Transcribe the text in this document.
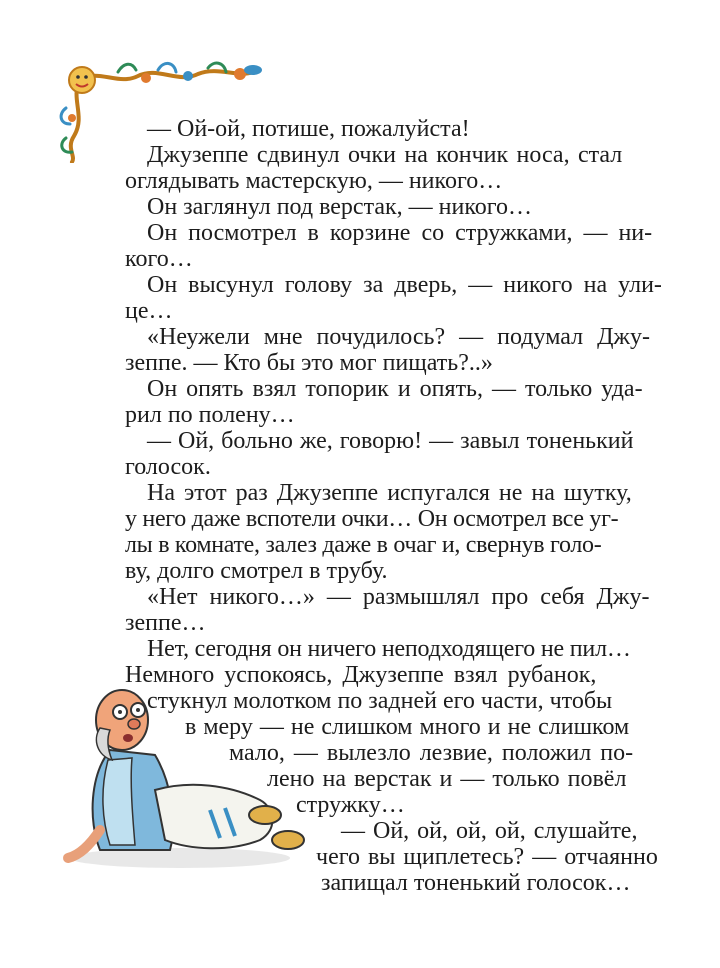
— Ой-ой, потише, пожалуйста!
Джузеппе сдвинул очки на кончик носа, стал
оглядывать мастерскую, — никого…
Он заглянул под верстак, — никого…
Он посмотрел в корзине со стружками, — ни-
кого…
Он высунул голову за дверь, — никого на ули-
це…
«Неужели мне почудилось? — подумал Джу-
зеппе. — Кто бы это мог пищать?..»
Он опять взял топорик и опять, — только уда-
рил по полену…
— Ой, больно же, говорю! — завыл тоненький
голосок.
На этот раз Джузеппе испугался не на шутку,
у него даже вспотели очки… Он осмотрел все уг-
лы в комнате, залез даже в очаг и, свернув голо-
ву, долго смотрел в трубу.
«Нет никого…» — размышлял про себя Джу-
зеппе…
Нет, сегодня он ничего неподходящего не пил…
Немного успокоясь, Джузеппе взял рубанок,
стукнул молотком по задней его части, чтобы
в меру — не слишком много и не слишком
мало, — вылезло лезвие, положил по-
лено на верстак и — только повёл
стружку…
— Ой, ой, ой, ой, слушайте,
чего вы щиплетесь? — отчаянно
запищал тоненький голосок…
